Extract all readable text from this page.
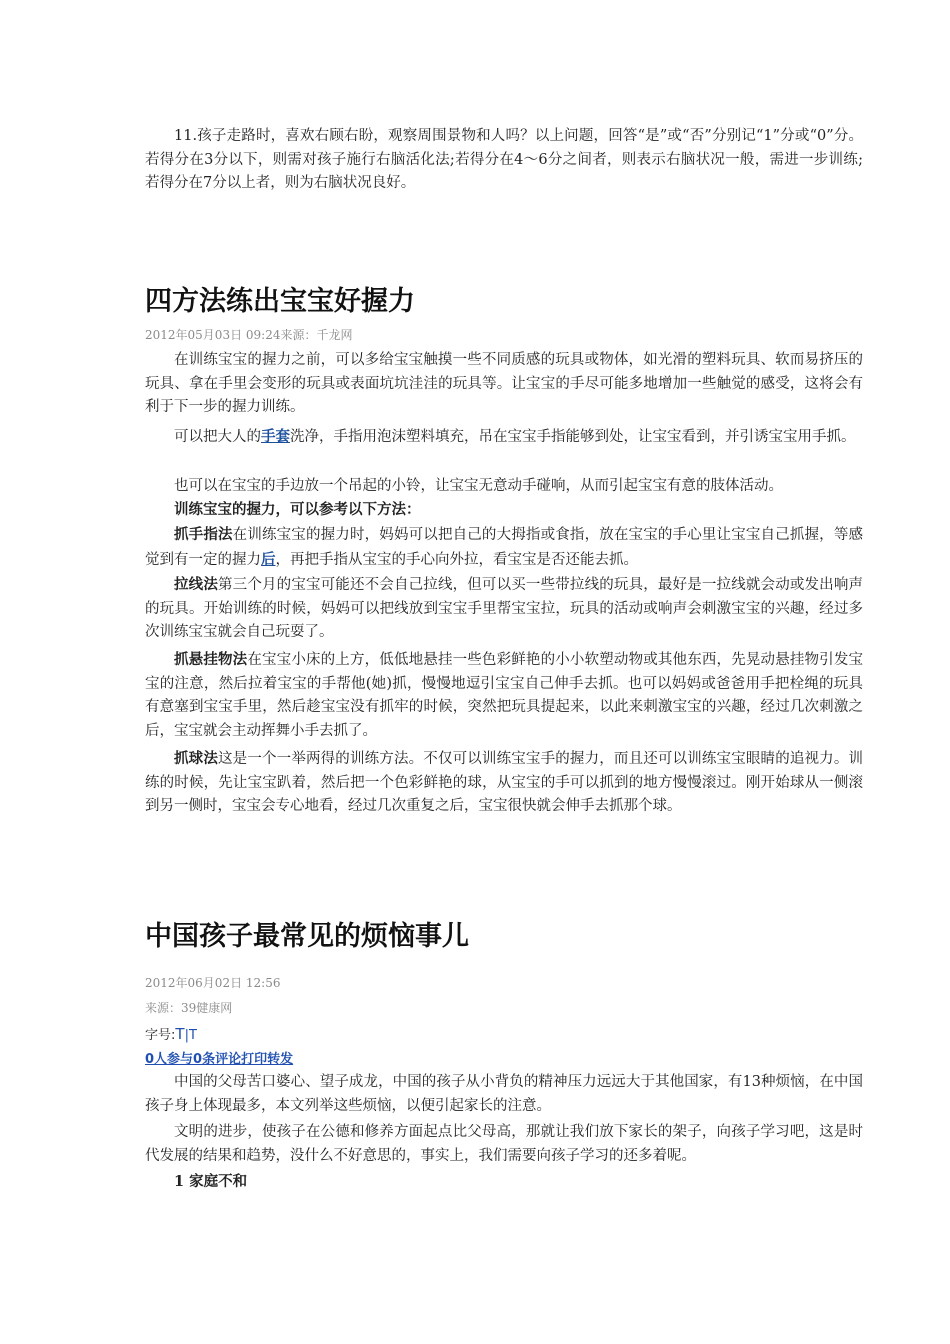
11.孩子走路时，喜欢右顾右盼，观察周围景物和人吗？以上问题，回答“是”或“否”分别记“1”分或“0”分。 若得分在3分以下，则需对孩子施行右脑活化法;若得分在4～6分之间者，则表示右脑状况一般，需进一步训练;若得分在7分以上者，则为右脑状况良好。

四方法练出宝宝好握力

2012年05月03日 09:24来源：千龙网

在训练宝宝的握力之前，可以多给宝宝触摸一些不同质感的玩具或物体，如光滑的塑料玩具、软而易挤压的玩具、拿在手里会变形的玩具或表面坑坑洼洼的玩具等。让宝宝的手尽可能多地增加一些触觉的感受，这将会有利于下一步的握力训练。

可以把大人的手套洗净，手指用泡沫塑料填充，吊在宝宝手指能够到处，让宝宝看到，并引诱宝宝用手抓。

也可以在宝宝的手边放一个吊起的小铃，让宝宝无意动手碰响，从而引起宝宝有意的肢体活动。

训练宝宝的握力，可以参考以下方法：

抓手指法在训练宝宝的握力时，妈妈可以把自己的大拇指或食指，放在宝宝的手心里让宝宝自己抓握，等感觉到有一定的握力后，再把手指从宝宝的手心向外拉，看宝宝是否还能去抓。

拉线法第三个月的宝宝可能还不会自己拉线，但可以买一些带拉线的玩具，最好是一拉线就会动或发出响声的玩具。开始训练的时候，妈妈可以把线放到宝宝手里帮宝宝拉，玩具的活动或响声会刺激宝宝的兴趣，经过多次训练宝宝就会自己玩耍了。

抓悬挂物法在宝宝小床的上方，低低地悬挂一些色彩鲜艳的小小软塑动物或其他东西，先晃动悬挂物引发宝宝的注意，然后拉着宝宝的手帮他(她)抓，慢慢地逗引宝宝自己伸手去抓。也可以妈妈或爸爸用手把栓绳的玩具有意塞到宝宝手里，然后趁宝宝没有抓牢的时候，突然把玩具提起来，以此来刺激宝宝的兴趣，经过几次刺激之后，宝宝就会主动挥舞小手去抓了。

抓球法这是一个一举两得的训练方法。不仅可以训练宝宝手的握力，而且还可以训练宝宝眼睛的追视力。训练的时候，先让宝宝趴着，然后把一个色彩鲜艳的球，从宝宝的手可以抓到的地方慢慢滚过。刚开始球从一侧滚到另一侧时，宝宝会专心地看，经过几次重复之后，宝宝很快就会伸手去抓那个球。

中国孩子最常见的烦恼事儿

2012年06月02日 12:56

来源：39健康网

字号:T|T

0人参与0条评论打印转发

中国的父母苦口婆心、望子成龙，中国的孩子从小背负的精神压力远远大于其他国家，有13种烦恼，在中国孩子身上体现最多，本文列举这些烦恼，以便引起家长的注意。

文明的进步，使孩子在公德和修养方面起点比父母高，那就让我们放下家长的架子，向孩子学习吧，这是时代发展的结果和趋势，没什么不好意思的，事实上，我们需要向孩子学习的还多着呢。

1 家庭不和
